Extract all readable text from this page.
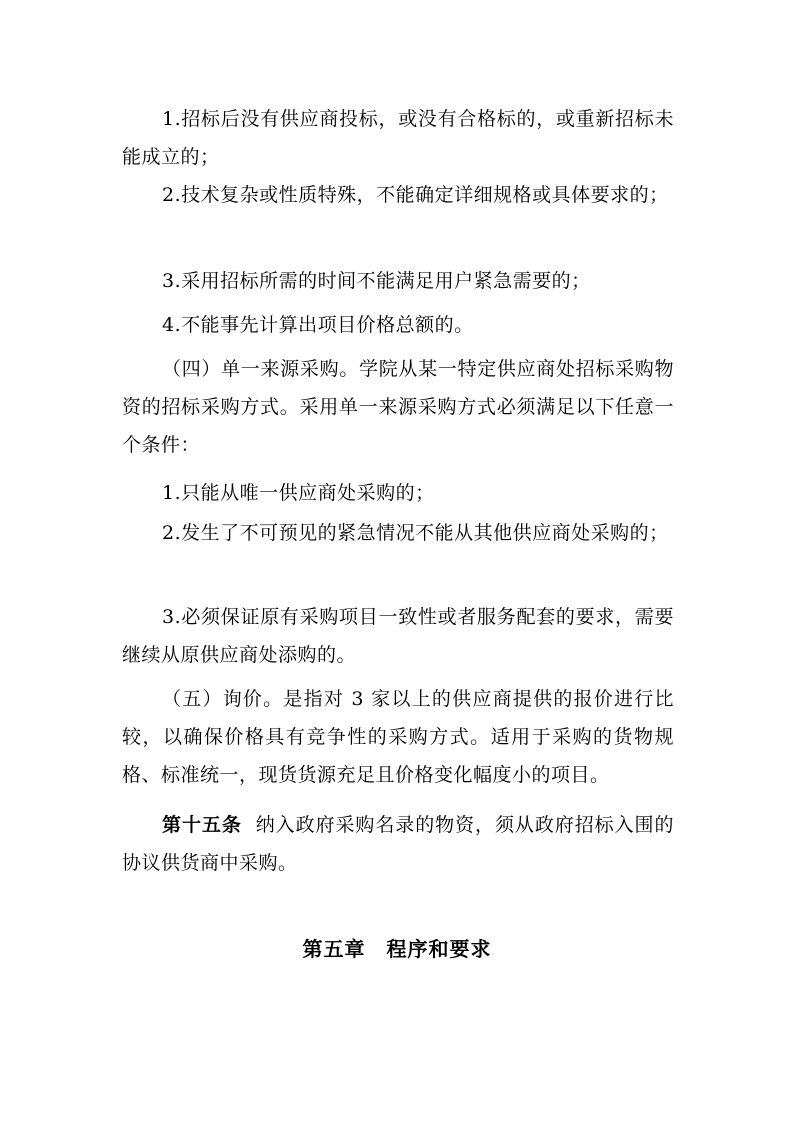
1.招标后没有供应商投标，或没有合格标的，或重新招标未能成立的；

2.技术复杂或性质特殊，不能确定详细规格或具体要求的；

3.采用招标所需的时间不能满足用户紧急需要的；

4.不能事先计算出项目价格总额的。

（四）单一来源采购。学院从某一特定供应商处招标采购物资的招标采购方式。采用单一来源采购方式必须满足以下任意一个条件：

1.只能从唯一供应商处采购的；

2.发生了不可预见的紧急情况不能从其他供应商处采购的；

3.必须保证原有采购项目一致性或者服务配套的要求，需要继续从原供应商处添购的。

（五）询价。是指对 3 家以上的供应商提供的报价进行比较，以确保价格具有竞争性的采购方式。适用于采购的货物规格、标准统一，现货货源充足且价格变化幅度小的项目。

第十五条 纳入政府采购名录的物资，须从政府招标入围的协议供货商中采购。

第五章　程序和要求
